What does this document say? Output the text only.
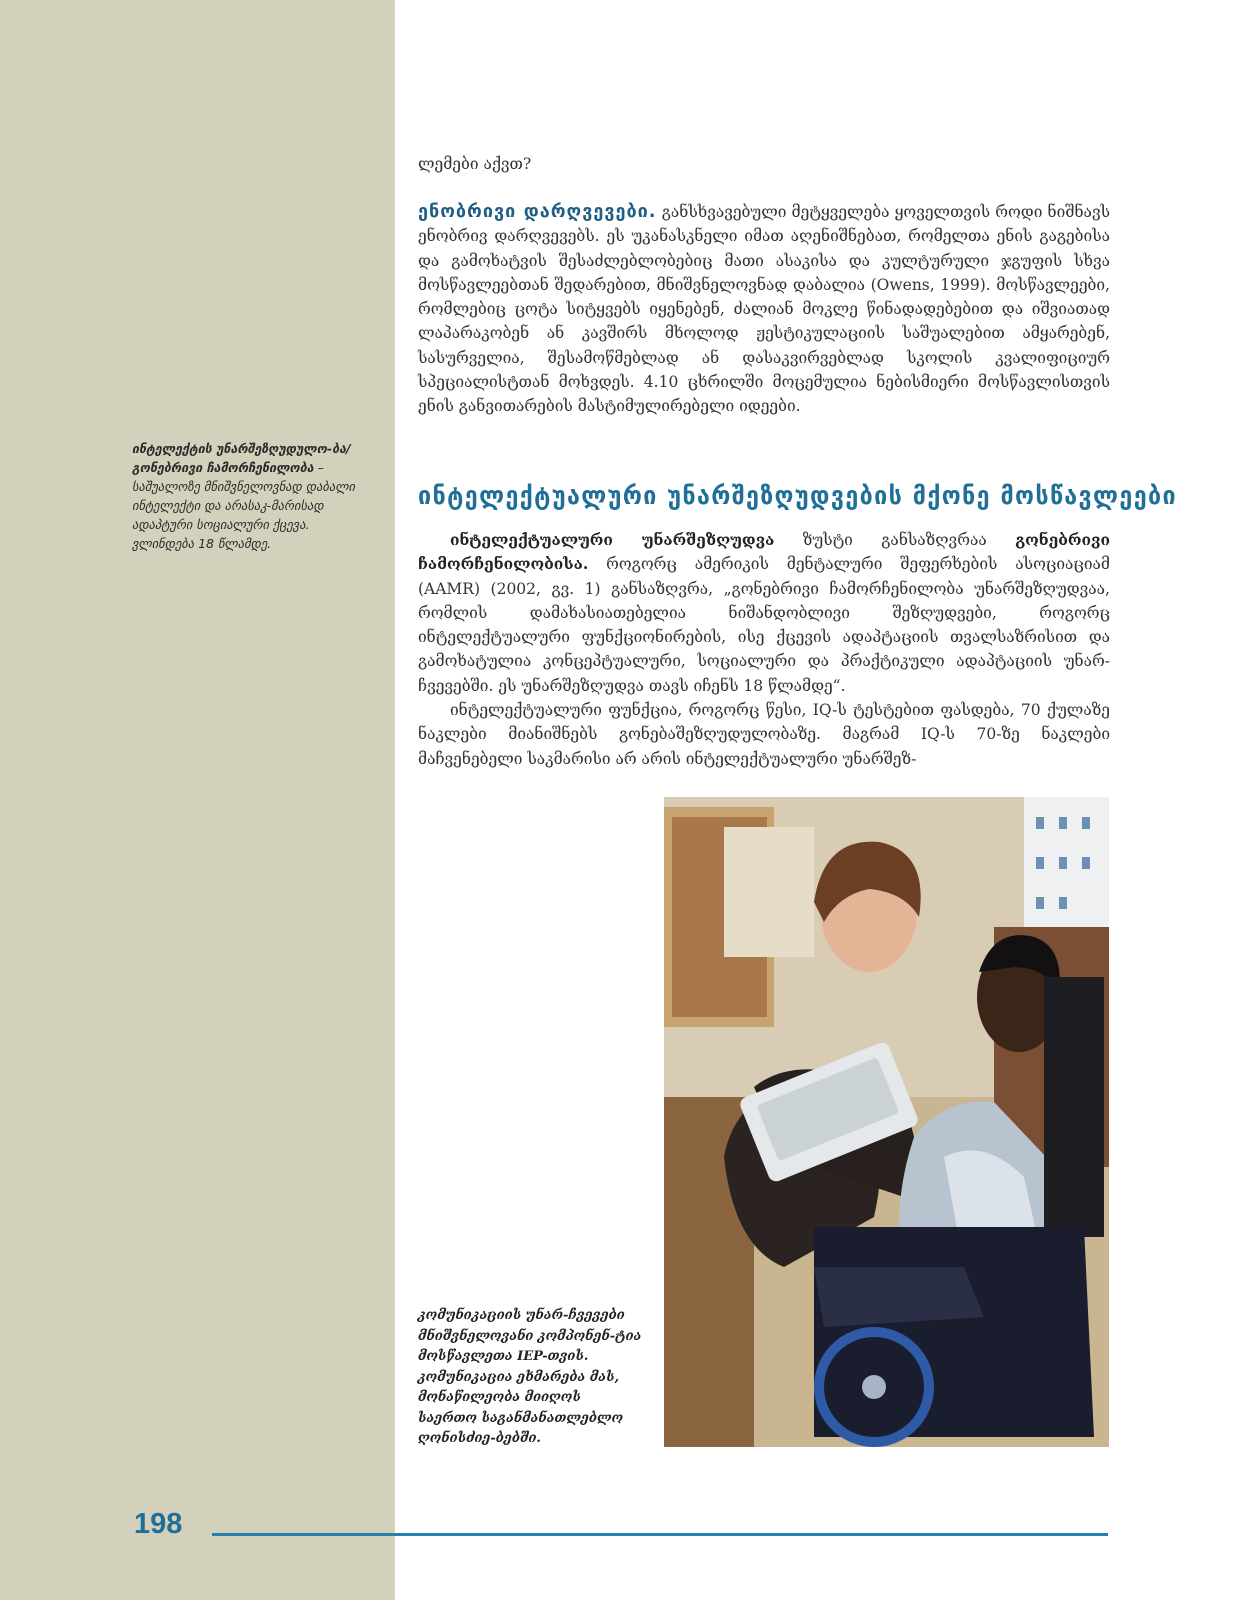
ინტელექტის უნარშეზღუდულო-ბა/გონებრივი ჩამორჩენილობა – საშუალოზე მნიშვნელოვნად დაბალი ინტელექტი და არასაკ-მარისად ადაპტური სოციალური ქცევა. ვლინდება 18 წლამდე.
ლემები აქვთ?
ენობრივი დარღვევები. განსხვავებული მეტყველება ყოველთვის როდი ნიშნავს ენობრივ დარღვევებს. ეს უკანასკნელი იმათ აღენიშნებათ, რომელთა ენის გაგებისა და გამოხატვის შესაძლებლობებიც მათი ასაკისა და კულტურული ჯგუფის სხვა მოსწავლეებთან შედარებით, მნიშვნელოვნად დაბალია (Owens, 1999). მოსწავლეები, რომლებიც ცოტა სიტყვებს იყენებენ, ძალიან მოკლე წინადადებებით და იშვიათად ლაპარაკობენ ან კავშირს მხოლოდ ჟესტიკულაციის საშუალებით ამყარებენ, სასურველია, შესამოწმებლად ან დასაკვირვებლად სკოლის კვალიფიციურ სპეციალისტთან მოხვდეს. 4.10 ცხრილში მოცემულია ნებისმიერი მოსწავლისთვის ენის განვითარების მასტიმულირებელი იდეები.
ინტელექტუალური უნარშეზღუდვების მქონე მოსწავლეები

ინტელექტუალური უნარშეზღუდვა ზუსტი განსაზღვრაა გონებრივი ჩამორჩენილობისა. როგორც ამერიკის მენტალური შეფერხების ასოციაციამ (AAMR) (2002, გვ. 1) განსაზღვრა, „გონებრივი ჩამორჩენილობა უნარშეზღუდვაა, რომლის დამახასიათებელია ნიშანდობლივი შეზღუდვები, როგორც ინტელექტუალური ფუნქციონირების, ისე ქცევის ადაპტაციის თვალსაზრისით და გამოხატულია კონცეპტუალური, სოციალური და პრაქტიკული ადაპტაციის უნარ-ჩვევებში. ეს უნარშეზღუდვა თავს იჩენს 18 წლამდე“.

ინტელექტუალური ფუნქცია, როგორც წესი, IQ-ს ტესტებით ფასდება, 70 ქულაზე ნაკლები მიანიშნებს გონებაშეზღუდულობაზე. მაგრამ IQ-ს 70-ზე ნაკლები მაჩვენებელი საკმარისი არ არის ინტელექტუალური უნარშეზ-

კომუნიკაციის უნარ-ჩვევები მნიშვნელოვანი კომპონენ-ტია მოსწავლეთა IEP-თვის. კომუნიკაცია ეხმარება მას, მონაწილეობა მიიღოს საერთო საგანმანათლებლო ღონისძიე-ბებში.
198
